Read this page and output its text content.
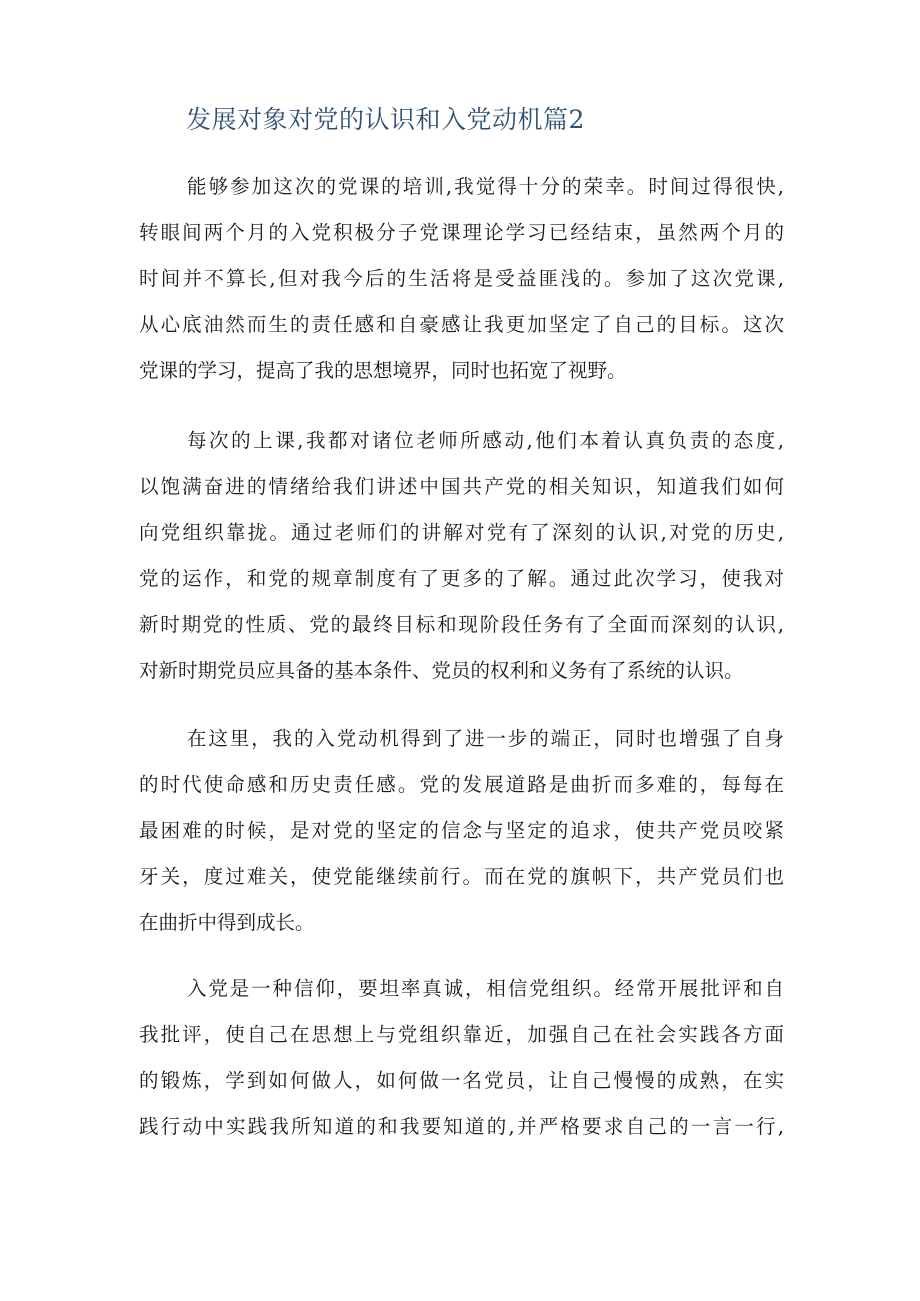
发展对象对党的认识和入党动机篇2
能够参加这次的党课的培训,我觉得十分的荣幸。时间过得很快,
转眼间两个月的入党积极分子党课理论学习已经结束，虽然两个月的
时间并不算长,但对我今后的生活将是受益匪浅的。参加了这次党课,
从心底油然而生的责任感和自豪感让我更加坚定了自己的目标。这次
党课的学习，提高了我的思想境界，同时也拓宽了视野。
每次的上课,我都对诸位老师所感动,他们本着认真负责的态度,
以饱满奋进的情绪给我们讲述中国共产党的相关知识，知道我们如何
向党组织靠拢。通过老师们的讲解对党有了深刻的认识,对党的历史,
党的运作，和党的规章制度有了更多的了解。通过此次学习，使我对
新时期党的性质、党的最终目标和现阶段任务有了全面而深刻的认识,
对新时期党员应具备的基本条件、党员的权利和义务有了系统的认识。
在这里，我的入党动机得到了进一步的端正，同时也增强了自身
的时代使命感和历史责任感。党的发展道路是曲折而多难的，每每在
最困难的时候，是对党的坚定的信念与坚定的追求，使共产党员咬紧
牙关，度过难关，使党能继续前行。而在党的旗帜下，共产党员们也
在曲折中得到成长。
入党是一种信仰，要坦率真诚，相信党组织。经常开展批评和自
我批评，使自己在思想上与党组织靠近，加强自己在社会实践各方面
的锻炼，学到如何做人，如何做一名党员，让自己慢慢的成熟，在实
践行动中实践我所知道的和我要知道的,并严格要求自己的一言一行,
